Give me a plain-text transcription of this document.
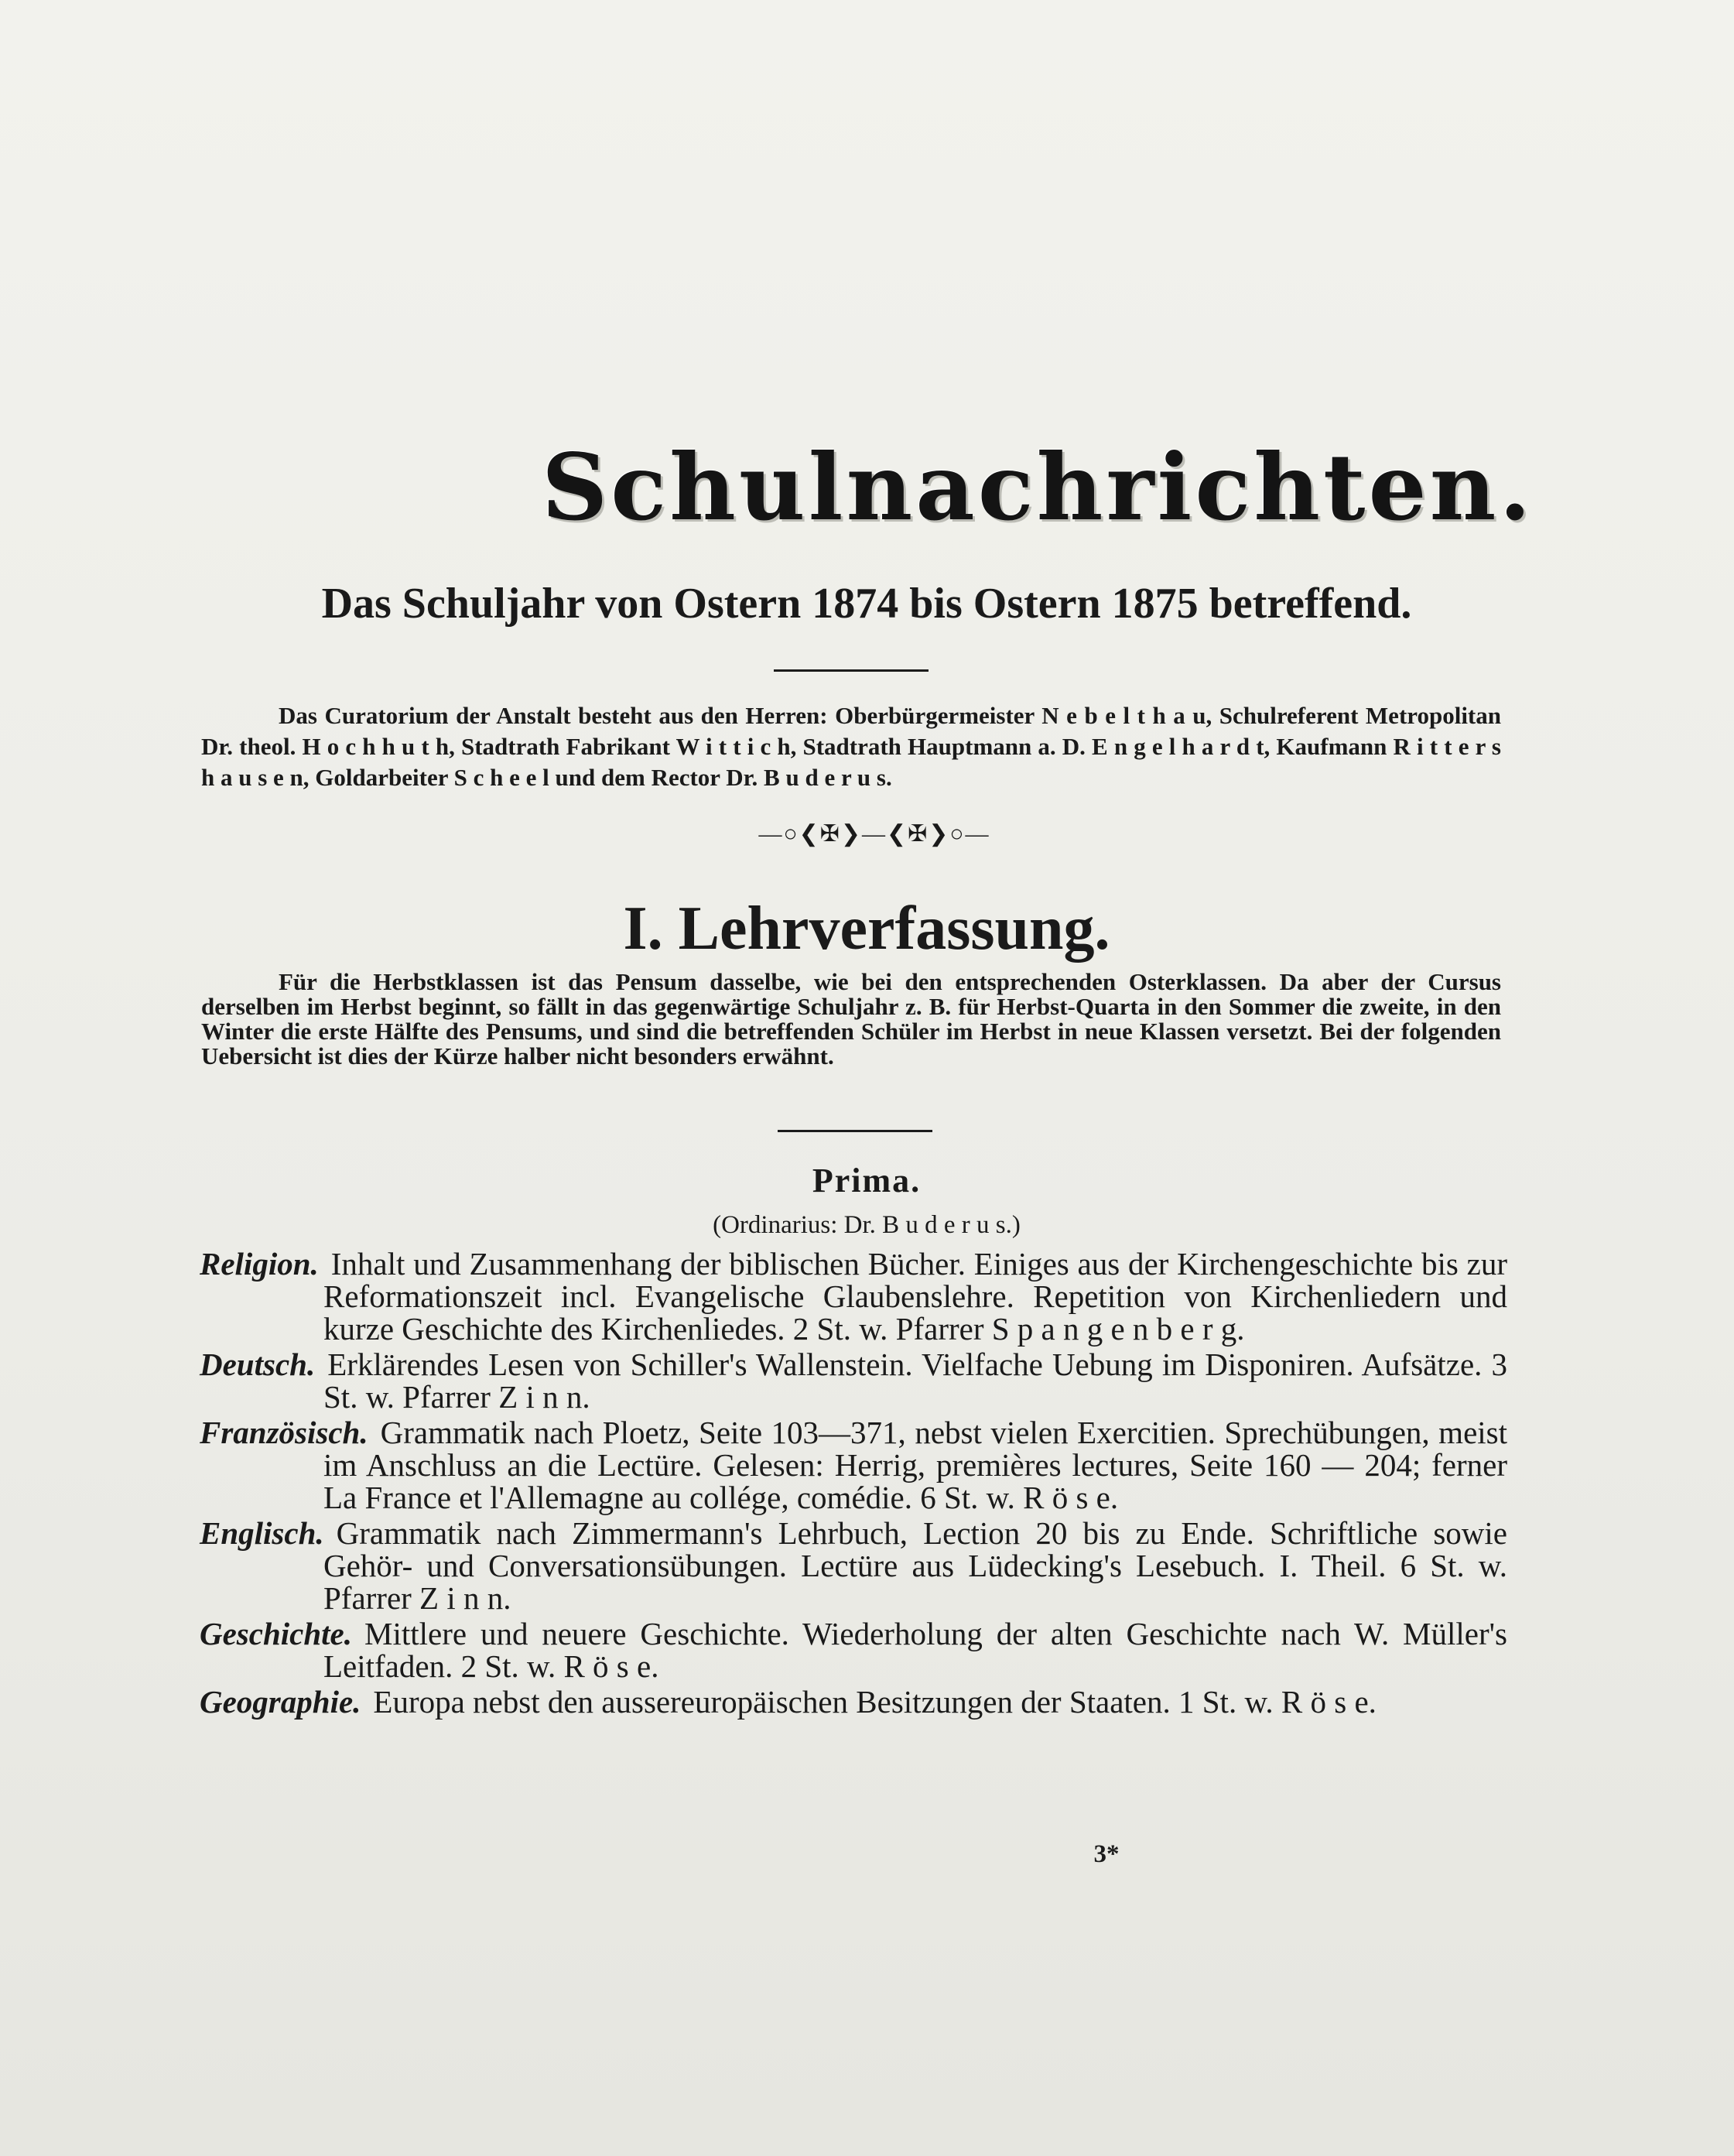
Schulnachrichten.
Das Schuljahr von Ostern 1874 bis Ostern 1875 betreffend.
Das Curatorium der Anstalt besteht aus den Herren: Oberbürgermeister N e b e l t h a u, Schulreferent Metropolitan Dr. theol. H o c h h u t h, Stadtrath Fabrikant W i t t i c h, Stadtrath Hauptmann a. D. E n g e l h a r d t, Kaufmann R i t t e r s h a u s e n, Goldarbeiter S c h e e l und dem Rector Dr. B u d e r u s.
—○❮✠❯—❮✠❯○—
I. Lehrverfassung.
Für die Herbstklassen ist das Pensum dasselbe, wie bei den entsprechenden Osterklassen. Da aber der Cursus derselben im Herbst beginnt, so fällt in das gegenwärtige Schuljahr z. B. für Herbst-Quarta in den Sommer die zweite, in den Winter die erste Hälfte des Pensums, und sind die betreffenden Schüler im Herbst in neue Klassen versetzt. Bei der folgenden Uebersicht ist dies der Kürze halber nicht besonders erwähnt.
Prima.
(Ordinarius: Dr. B u d e r u s.)

Religion. Inhalt und Zusammenhang der biblischen Bücher. Einiges aus der Kirchengeschichte bis zur Reformationszeit incl. Evangelische Glaubenslehre. Repetition von Kirchenliedern und kurze Geschichte des Kirchenliedes. 2 St. w. Pfarrer S p a n g e n b e r g.

Deutsch. Erklärendes Lesen von Schiller's Wallenstein. Vielfache Uebung im Disponiren. Aufsätze. 3 St. w. Pfarrer Z i n n.

Französisch. Grammatik nach Ploetz, Seite 103—371, nebst vielen Exercitien. Sprechübungen, meist im Anschluss an die Lectüre. Gelesen: Herrig, premières lectures, Seite 160 — 204; ferner La France et l'Allemagne au collége, comédie. 6 St. w. R ö s e.

Englisch. Grammatik nach Zimmermann's Lehrbuch, Lection 20 bis zu Ende. Schriftliche sowie Gehör- und Conversationsübungen. Lectüre aus Lüdecking's Lesebuch. I. Theil. 6 St. w. Pfarrer Z i n n.

Geschichte. Mittlere und neuere Geschichte. Wiederholung der alten Geschichte nach W. Müller's Leitfaden. 2 St. w. R ö s e.

Geographie. Europa nebst den aussereuropäischen Besitzungen der Staaten. 1 St. w. R ö s e.

3*
